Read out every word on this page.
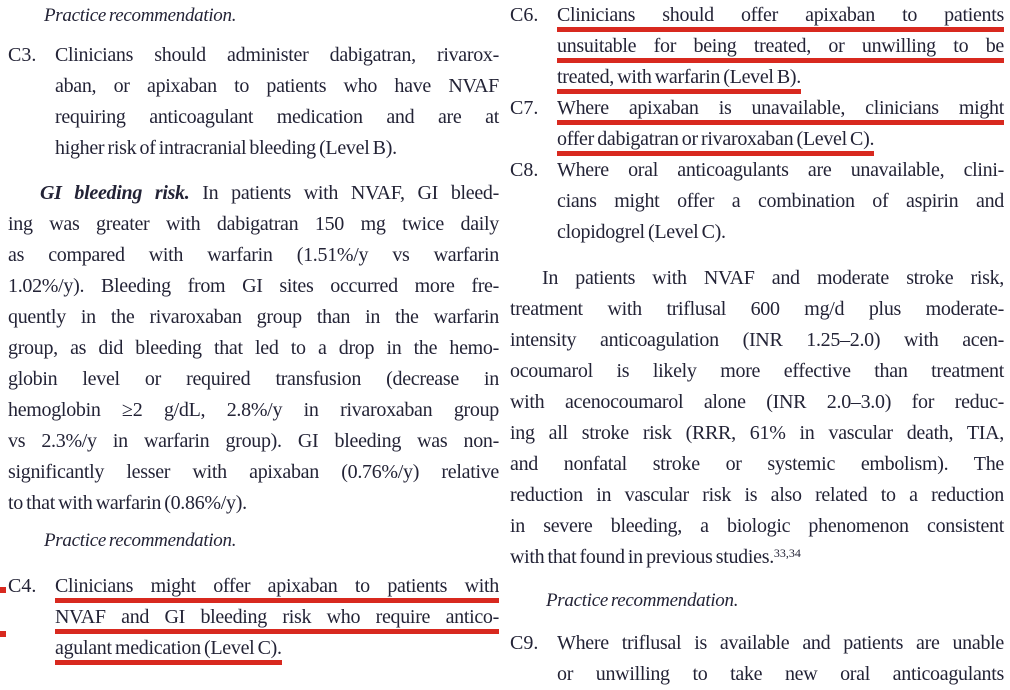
Practice recommendation.
C3. Clinicians should administer dabigatran, rivarox-
aban, or apixaban to patients who have NVAF
requiring anticoagulant medication and are at
higher risk of intracranial bleeding (Level B).
GI bleeding risk. In patients with NVAF, GI bleed-
ing was greater with dabigatran 150 mg twice daily
as compared with warfarin (1.51%/y vs warfarin
1.02%/y). Bleeding from GI sites occurred more fre-
quently in the rivaroxaban group than in the warfarin
group, as did bleeding that led to a drop in the hemo-
globin level or required transfusion (decrease in
hemoglobin ≥2 g/dL, 2.8%/y in rivaroxaban group
vs 2.3%/y in warfarin group). GI bleeding was non-
significantly lesser with apixaban (0.76%/y) relative
to that with warfarin (0.86%/y).
Practice recommendation.
C4. Clinicians might offer apixaban to patients with
NVAF and GI bleeding risk who require antico-
agulant medication (Level C).
C6. Clinicians should offer apixaban to patients
unsuitable for being treated, or unwilling to be
treated, with warfarin (Level B).
C7. Where apixaban is unavailable, clinicians might
offer dabigatran or rivaroxaban (Level C).
C8. Where oral anticoagulants are unavailable, clini-
cians might offer a combination of aspirin and
clopidogrel (Level C).
In patients with NVAF and moderate stroke risk,
treatment with triflusal 600 mg/d plus moderate-
intensity anticoagulation (INR 1.25–2.0) with acen-
ocoumarol is likely more effective than treatment
with acenocoumarol alone (INR 2.0–3.0) for reduc-
ing all stroke risk (RRR, 61% in vascular death, TIA,
and nonfatal stroke or systemic embolism). The
reduction in vascular risk is also related to a reduction
in severe bleeding, a biologic phenomenon consistent
with that found in previous studies.$^{33,34}$
Practice recommendation.
C9. Where triflusal is available and patients are unable
or unwilling to take new oral anticoagulants
